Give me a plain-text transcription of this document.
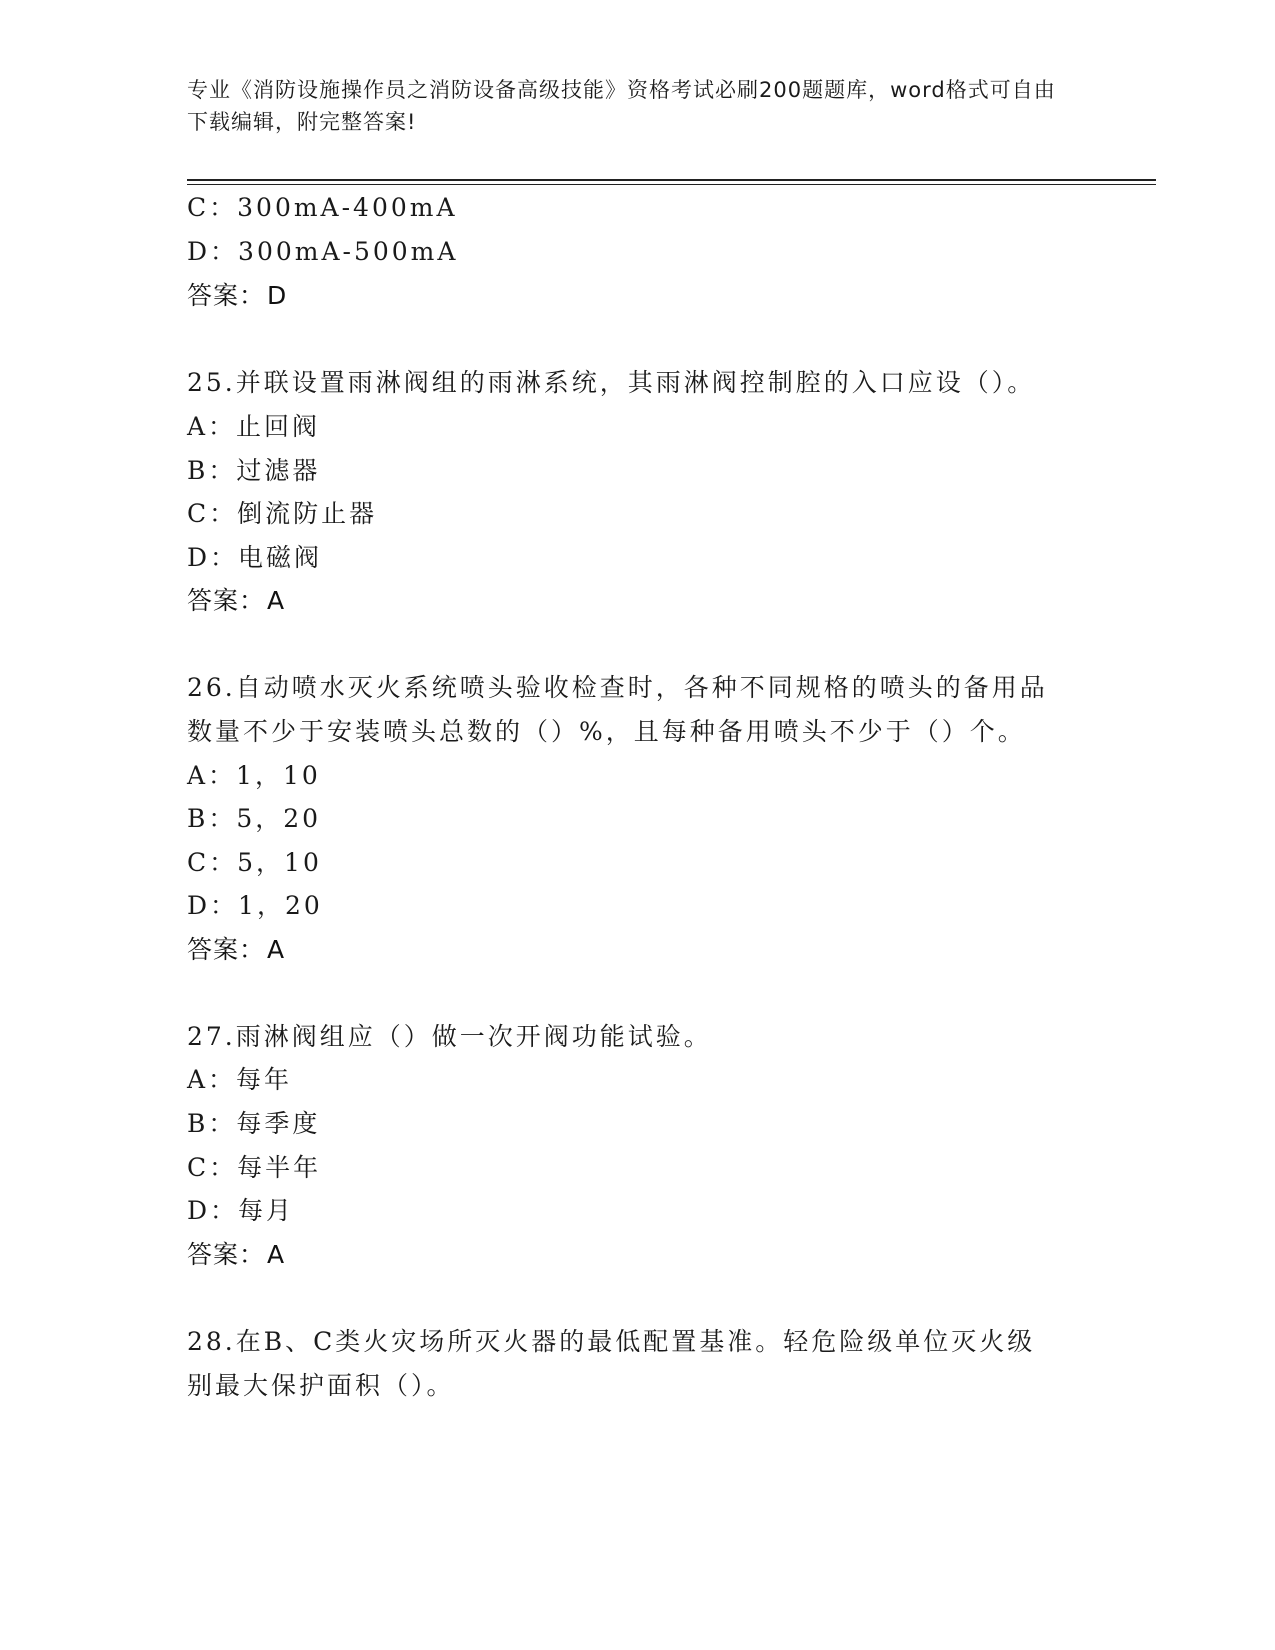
专业《消防设施操作员之消防设备高级技能》资格考试必刷200题题库，word格式可自由下载编辑，附完整答案!
C：300mA-400mA
D：300mA-500mA
答案：D
25.并联设置雨淋阀组的雨淋系统，其雨淋阀控制腔的入口应设（）。
A：止回阀
B：过滤器
C：倒流防止器
D：电磁阀
答案：A
26.自动喷水灭火系统喷头验收检查时，各种不同规格的喷头的备用品
数量不少于安装喷头总数的（）%，且每种备用喷头不少于（）个。
A：1，10
B：5，20
C：5，10
D：1，20
答案：A
27.雨淋阀组应（）做一次开阀功能试验。
A：每年
B：每季度
C：每半年
D：每月
答案：A
28.在B、C类火灾场所灭火器的最低配置基准。轻危险级单位灭火级
别最大保护面积（）。
